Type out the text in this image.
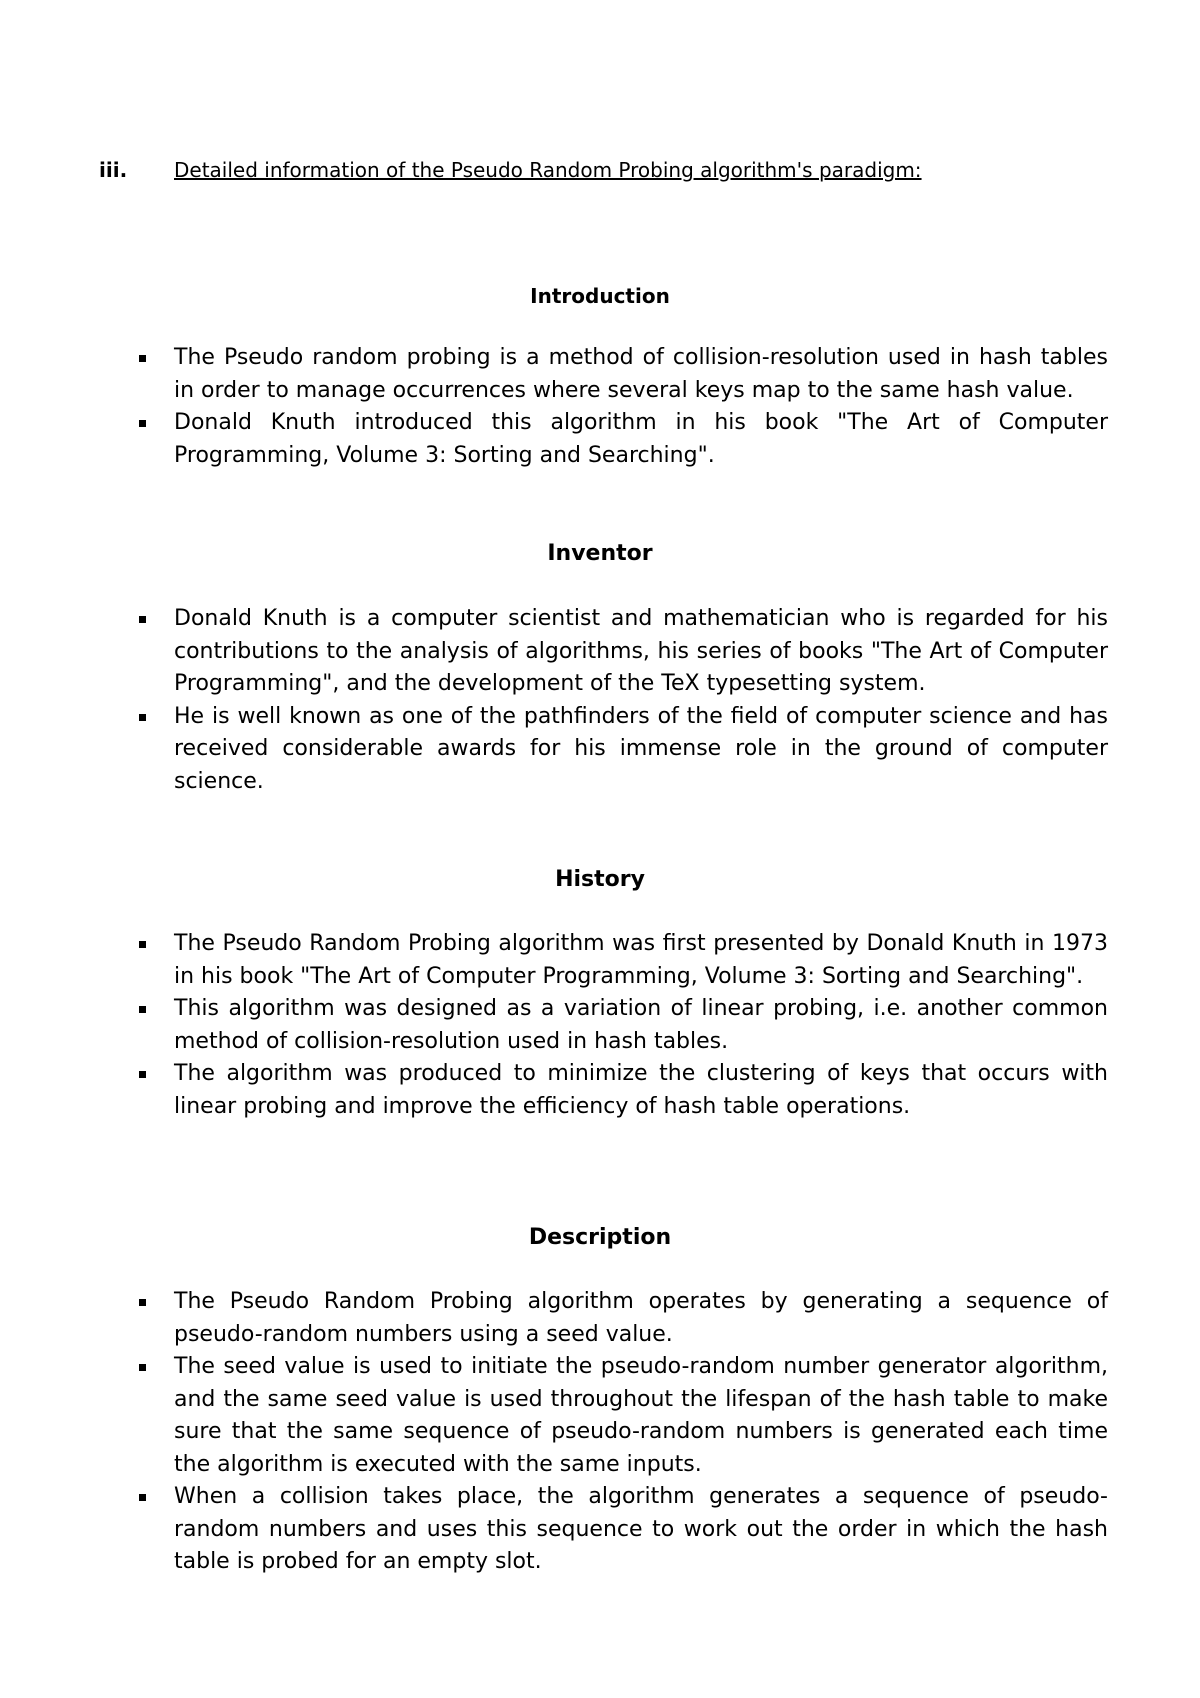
iii. Detailed information of the Pseudo Random Probing algorithm's paradigm:
Introduction
The Pseudo random probing is a method of collision-resolution used in hash tables in order to manage occurrences where several keys map to the same hash value.
Donald Knuth introduced this algorithm in his book "The Art of Computer Programming, Volume 3: Sorting and Searching".
Inventor
Donald Knuth is a computer scientist and mathematician who is regarded for his contributions to the analysis of algorithms, his series of books "The Art of Computer Programming", and the development of the TeX typesetting system.
He is well known as one of the pathfinders of the field of computer science and has received considerable awards for his immense role in the ground of computer science.
History
The Pseudo Random Probing algorithm was first presented by Donald Knuth in 1973 in his book "The Art of Computer Programming, Volume 3: Sorting and Searching".
This algorithm was designed as a variation of linear probing, i.e. another common method of collision-resolution used in hash tables.
The algorithm was produced to minimize the clustering of keys that occurs with linear probing and improve the efficiency of hash table operations.
Description
The Pseudo Random Probing algorithm operates by generating a sequence of pseudo-random numbers using a seed value.
The seed value is used to initiate the pseudo-random number generator algorithm, and the same seed value is used throughout the lifespan of the hash table to make sure that the same sequence of pseudo-random numbers is generated each time the algorithm is executed with the same inputs.
When a collision takes place, the algorithm generates a sequence of pseudo-random numbers and uses this sequence to work out the order in which the hash table is probed for an empty slot.
